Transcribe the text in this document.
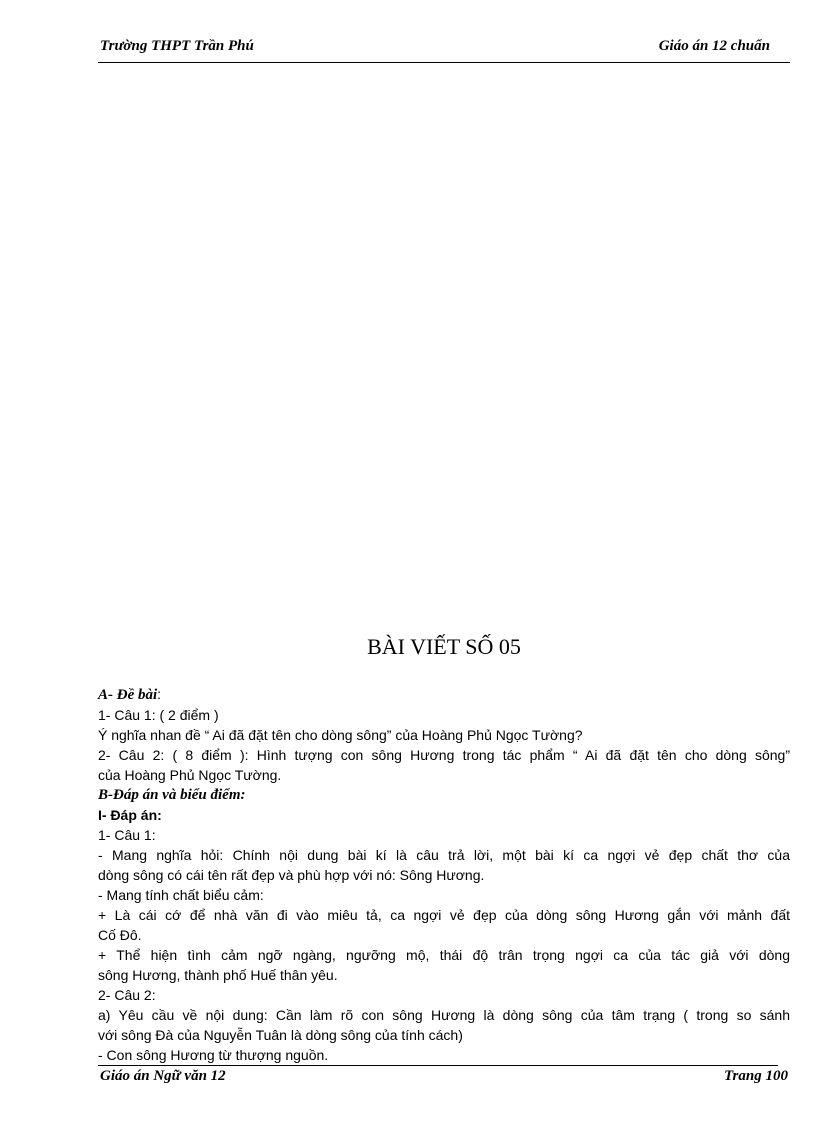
Trường THPT Trần Phú	Giáo án 12 chuẩn
BÀI VIẾT SỐ 05
A- Đề bài:
1- Câu 1: ( 2 điểm )
Ý nghĩa nhan đề “ Ai đã đặt tên cho dòng sông” của Hoàng Phủ Ngọc Tường?
2- Câu 2: ( 8 điểm ): Hình tượng con sông Hương trong tác phẩm “ Ai đã đặt tên cho dòng sông”
của Hoàng Phủ Ngọc Tường.
B-Đáp án và biểu điểm:
I- Đáp án:
1- Câu 1:
- Mang nghĩa hỏi: Chính nội dung bài kí là câu trả lời, một bài kí ca ngợi vẻ đẹp chất thơ của
dòng sông có cái tên rất đẹp và phù hợp với nó: Sông Hương.
- Mang tính chất biểu cảm:
+ Là cái cớ để nhà văn đi vào miêu tả, ca ngợi vẻ đẹp của dòng sông Hương gắn với mảnh đất
Cố Đô.
+ Thể hiện tình cảm ngỡ ngàng, ngưỡng mộ, thái độ trân trọng ngợi ca của tác giả với dòng
sông Hương, thành phố Huế thân yêu.
2- Câu 2:
a) Yêu cầu về nội dung: Cần làm rõ con sông Hương là dòng sông của tâm trạng ( trong so sánh
với sông Đà của Nguyễn Tuân là dòng sông của tính cách)
- Con sông Hương từ thượng nguồn.
Giáo án Ngữ văn 12	Trang 100
